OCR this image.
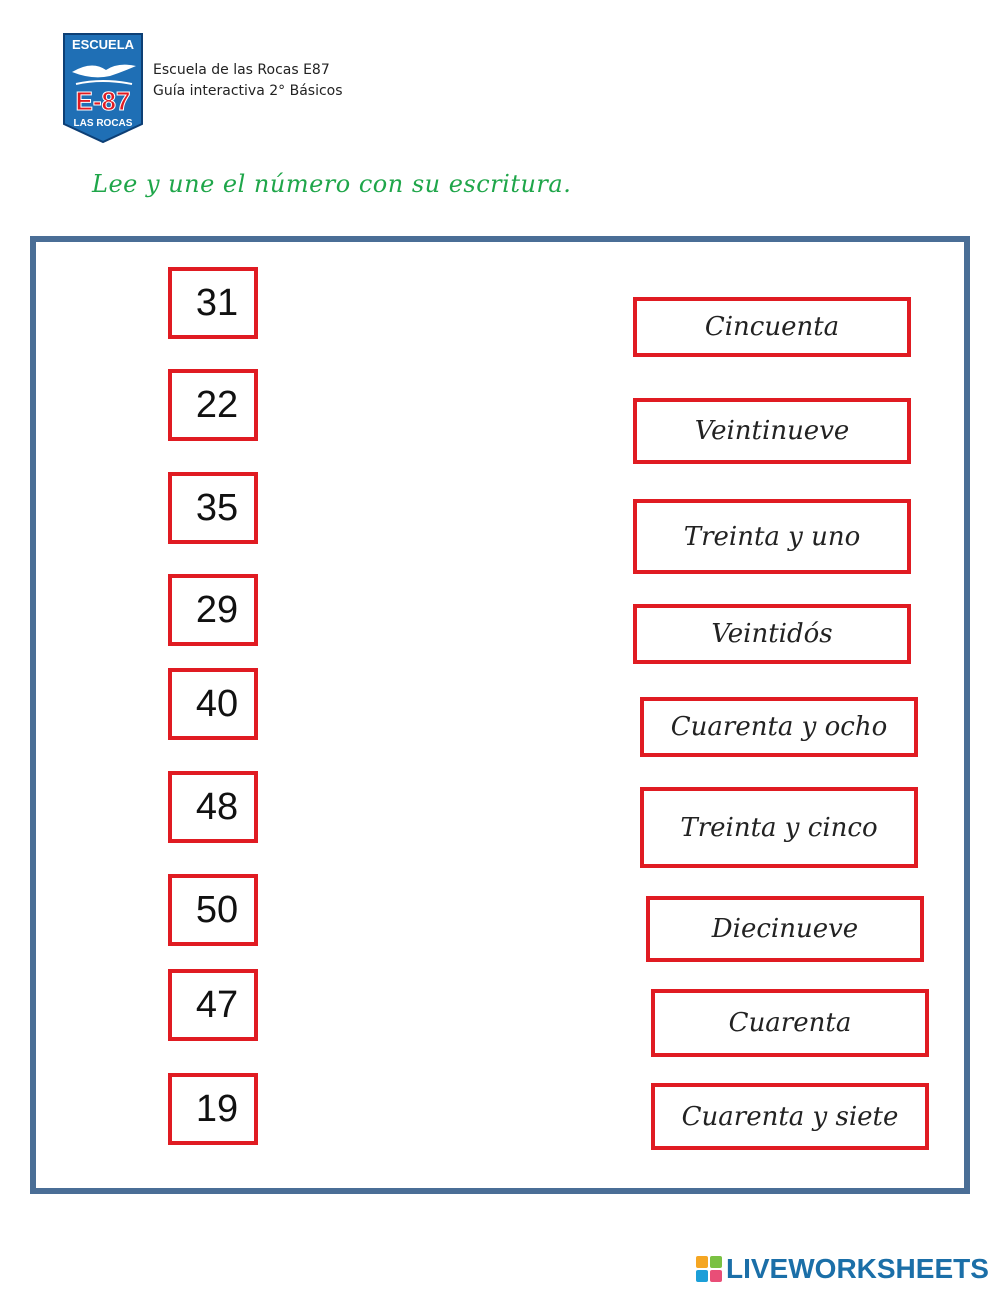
ESCUELA
E-87
LAS ROCAS
Escuela de las Rocas E87
Guía interactiva 2° Básicos
Lee y une el número con su escritura.
31
22
35
29
40
48
50
47
19
Cincuenta
Veintinueve
Treinta y uno
Veintidós
Cuarenta y ocho
Treinta y cinco
Diecinueve
Cuarenta
Cuarenta y siete
LIVEWORKSHEETS
